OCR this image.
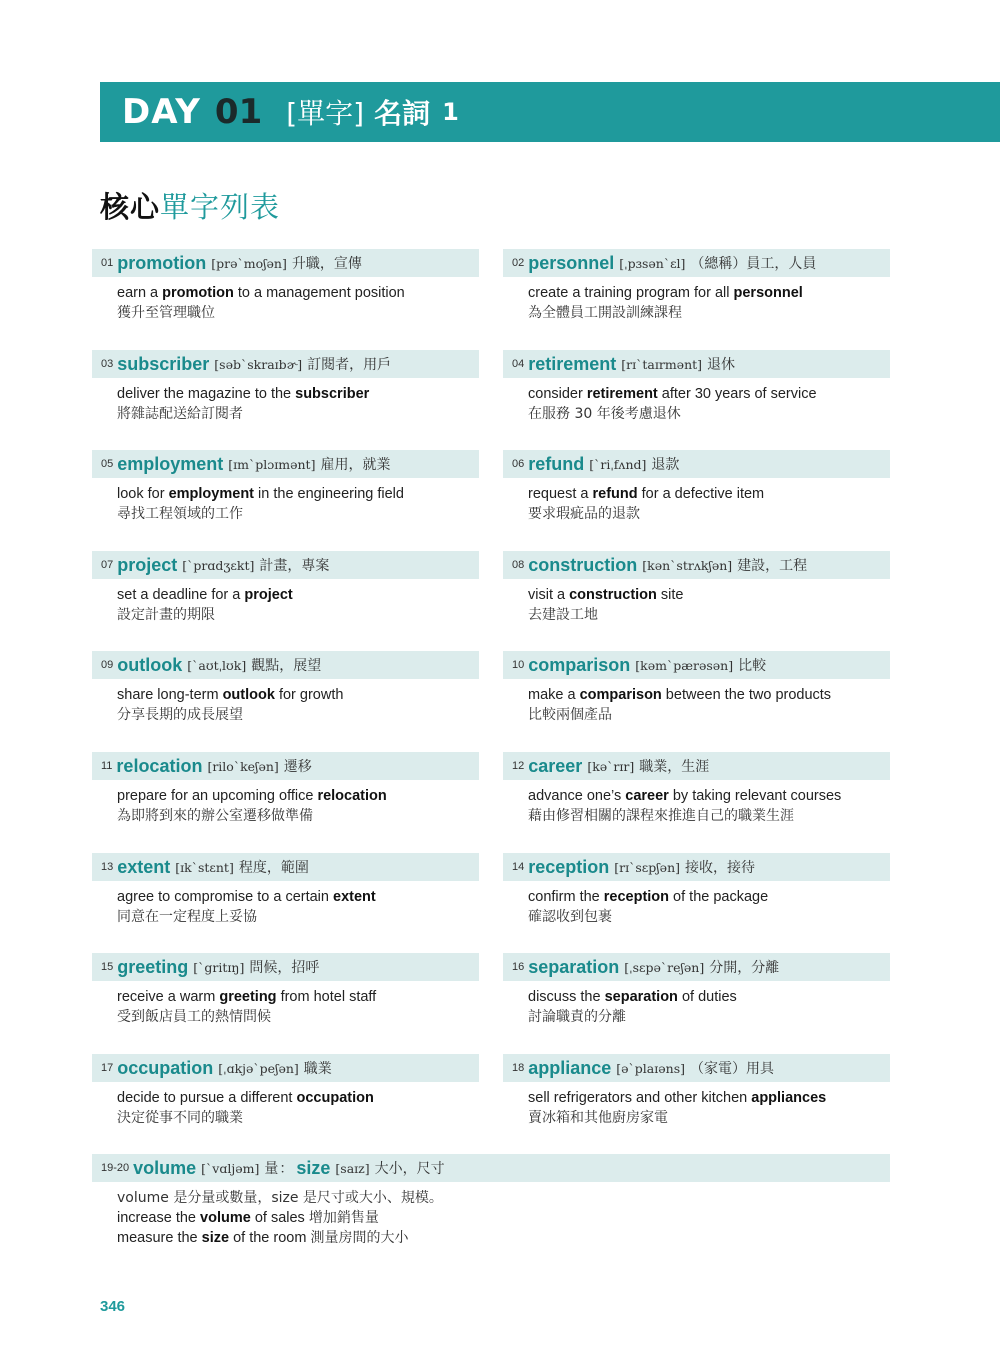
DAY 01 [單字] 名詞 1
核心單字列表
01 promotion [prə`moʃən] 升職，宣傳
earn a promotion to a management position
獲升至管理職位
02 personnel [ˌpɜsən`ɛl] （總稱）員工，人員
create a training program for all personnel
為全體員工開設訓練課程
03 subscriber [səb`skraɪbɚ] 訂閱者，用戶
deliver the magazine to the subscriber
將雜誌配送給訂閱者
04 retirement [rɪ`taɪrmənt] 退休
consider retirement after 30 years of service
在服務 30 年後考慮退休
05 employment [ɪm`plɔɪmənt] 雇用，就業
look for employment in the engineering field
尋找工程領域的工作
06 refund [`riˌfʌnd] 退款
request a refund for a defective item
要求瑕疵品的退款
07 project [`prɑdʒɛkt] 計畫，專案
set a deadline for a project
設定計畫的期限
08 construction [kən`strʌkʃən] 建設，工程
visit a construction site
去建設工地
09 outlook [`aʊtˌlʊk] 觀點，展望
share long-term outlook for growth
分享長期的成長展望
10 comparison [kəm`pærəsən] 比較
make a comparison between the two products
比較兩個產品
11 relocation [rilo`keʃən] 遷移
prepare for an upcoming office relocation
為即將到來的辦公室遷移做準備
12 career [kə`rɪr] 職業，生涯
advance one’s career by taking relevant courses
藉由修習相關的課程來推進自己的職業生涯
13 extent [ɪk`stɛnt] 程度，範圍
agree to compromise to a certain extent
同意在一定程度上妥協
14 reception [rɪ`sɛpʃən] 接收，接待
confirm the reception of the package
確認收到包裹
15 greeting [`gritɪŋ] 問候，招呼
receive a warm greeting from hotel staff
受到飯店員工的熱情問候
16 separation [ˌsɛpə`reʃən] 分開，分離
discuss the separation of duties
討論職責的分離
17 occupation [ˌɑkjə`peʃən] 職業
decide to pursue a different occupation
決定從事不同的職業
18 appliance [ə`plaɪəns] （家電）用具
sell refrigerators and other kitchen appliances
賣冰箱和其他廚房家電
19-20 volume [`vɑljəm] 量 ： size [saɪz] 大小，尺寸
volume 是分量或數量，size 是尺寸或大小、規模。
increase the volume of sales 增加銷售量
measure the size of the room 測量房間的大小
346
